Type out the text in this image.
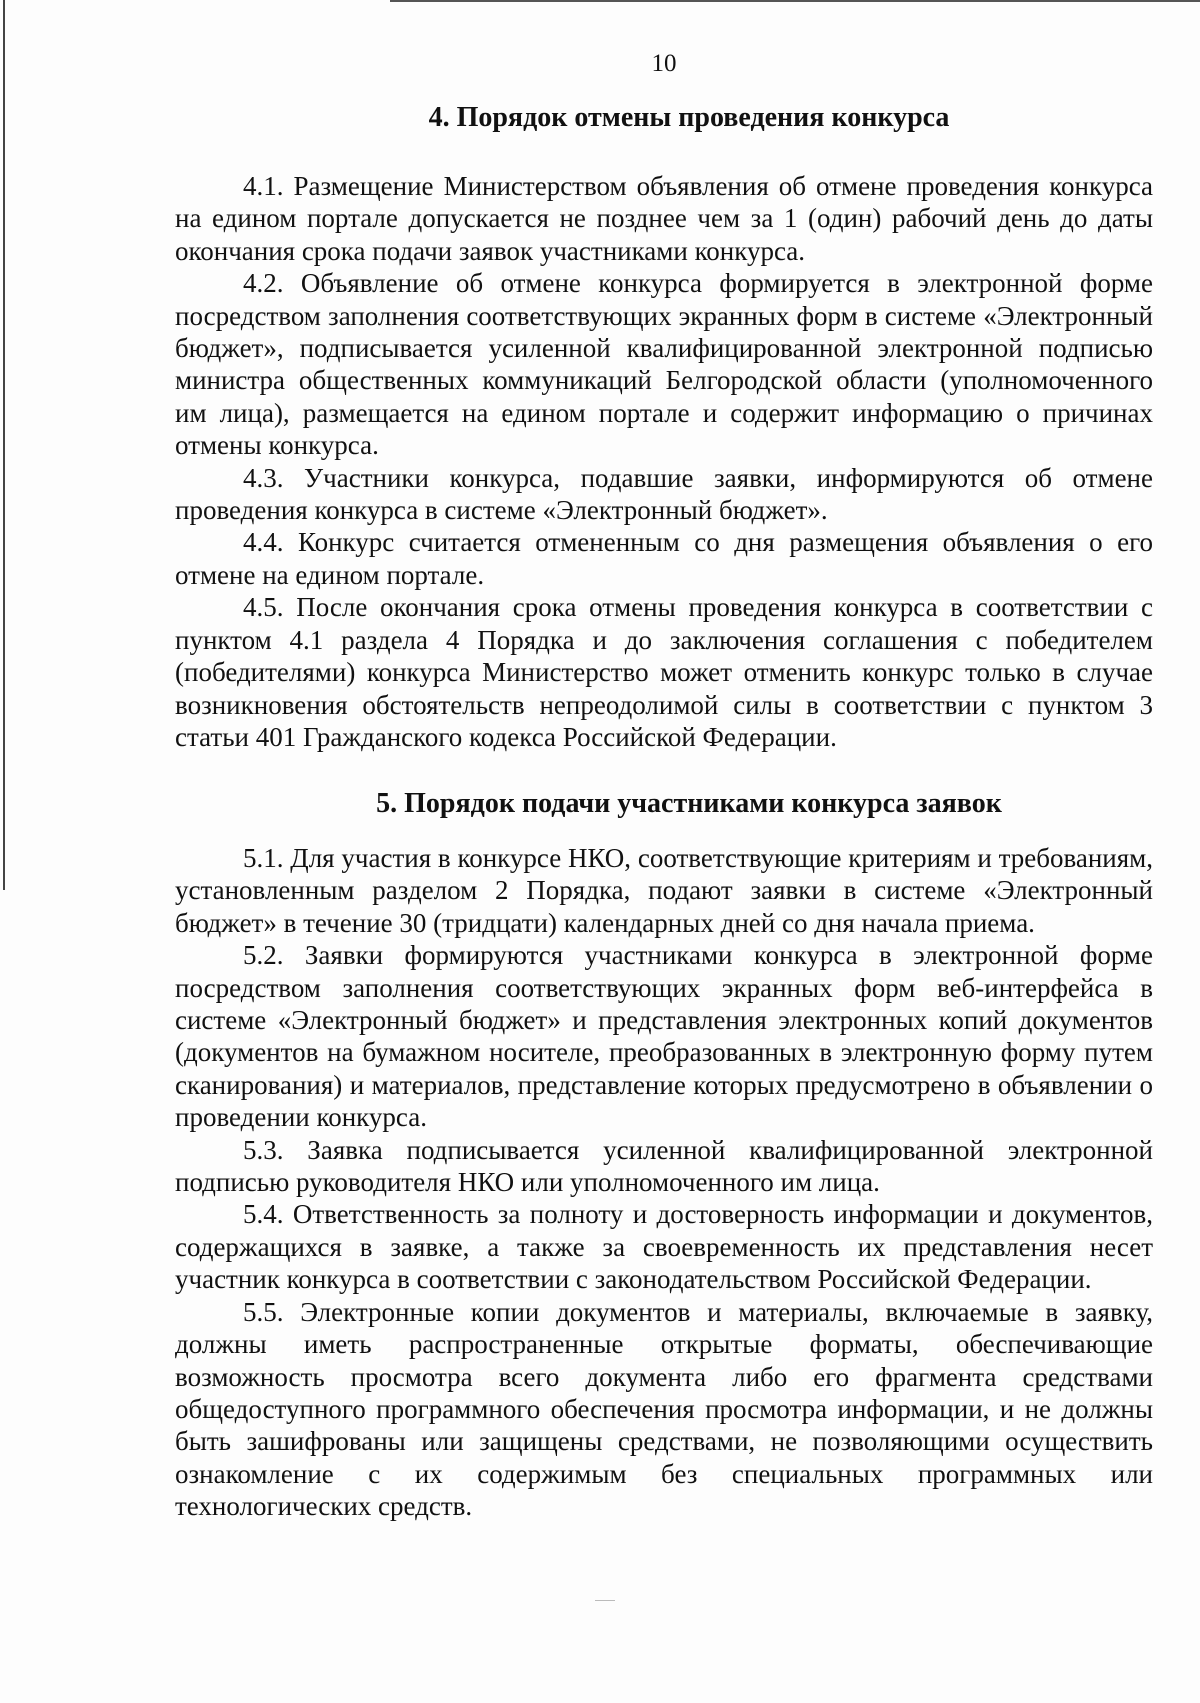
10
4. Порядок отмены проведения конкурса

4.1. Размещение Министерством объявления об отмене проведения конкурса на едином портале допускается не позднее чем за 1 (один) рабочий день до даты окончания срока подачи заявок участниками конкурса.

4.2. Объявление об отмене конкурса формируется в электронной форме посредством заполнения соответствующих экранных форм в системе «Электронный бюджет», подписывается усиленной квалифицированной электронной подписью министра общественных коммуникаций Белгородской области (уполномоченного им лица), размещается на едином портале и содержит информацию о причинах отмены конкурса.

4.3. Участники конкурса, подавшие заявки, информируются об отмене проведения конкурса в системе «Электронный бюджет».

4.4. Конкурс считается отмененным со дня размещения объявления о его отмене на едином портале.

4.5. После окончания срока отмены проведения конкурса в соответствии с пунктом 4.1 раздела 4 Порядка и до заключения соглашения с победителем (победителями) конкурса Министерство может отменить конкурс только в случае возникновения обстоятельств непреодолимой силы в соответствии с пунктом 3 статьи 401 Гражданского кодекса Российской Федерации.

5. Порядок подачи участниками конкурса заявок

5.1. Для участия в конкурсе НКО, соответствующие критериям и требованиям, установленным разделом 2 Порядка, подают заявки в системе «Электронный бюджет» в течение 30 (тридцати) календарных дней со дня начала приема.

5.2. Заявки формируются участниками конкурса в электронной форме посредством заполнения соответствующих экранных форм веб-интерфейса в системе «Электронный бюджет» и представления электронных копий документов (документов на бумажном носителе, преобразованных в электронную форму путем сканирования) и материалов, представление которых предусмотрено в объявлении о проведении конкурса.

5.3. Заявка подписывается усиленной квалифицированной электронной подписью руководителя НКО или уполномоченного им лица.

5.4. Ответственность за полноту и достоверность информации и документов, содержащихся в заявке, а также за своевременность их представления несет участник конкурса в соответствии с законодательством Российской Федерации.

5.5. Электронные копии документов и материалы, включаемые в заявку, должны иметь распространенные открытые форматы, обеспечивающие возможность просмотра всего документа либо его фрагмента средствами общедоступного программного обеспечения просмотра информации, и не должны быть зашифрованы или защищены средствами, не позволяющими осуществить ознакомление с их содержимым без специальных программных или технологических средств.
